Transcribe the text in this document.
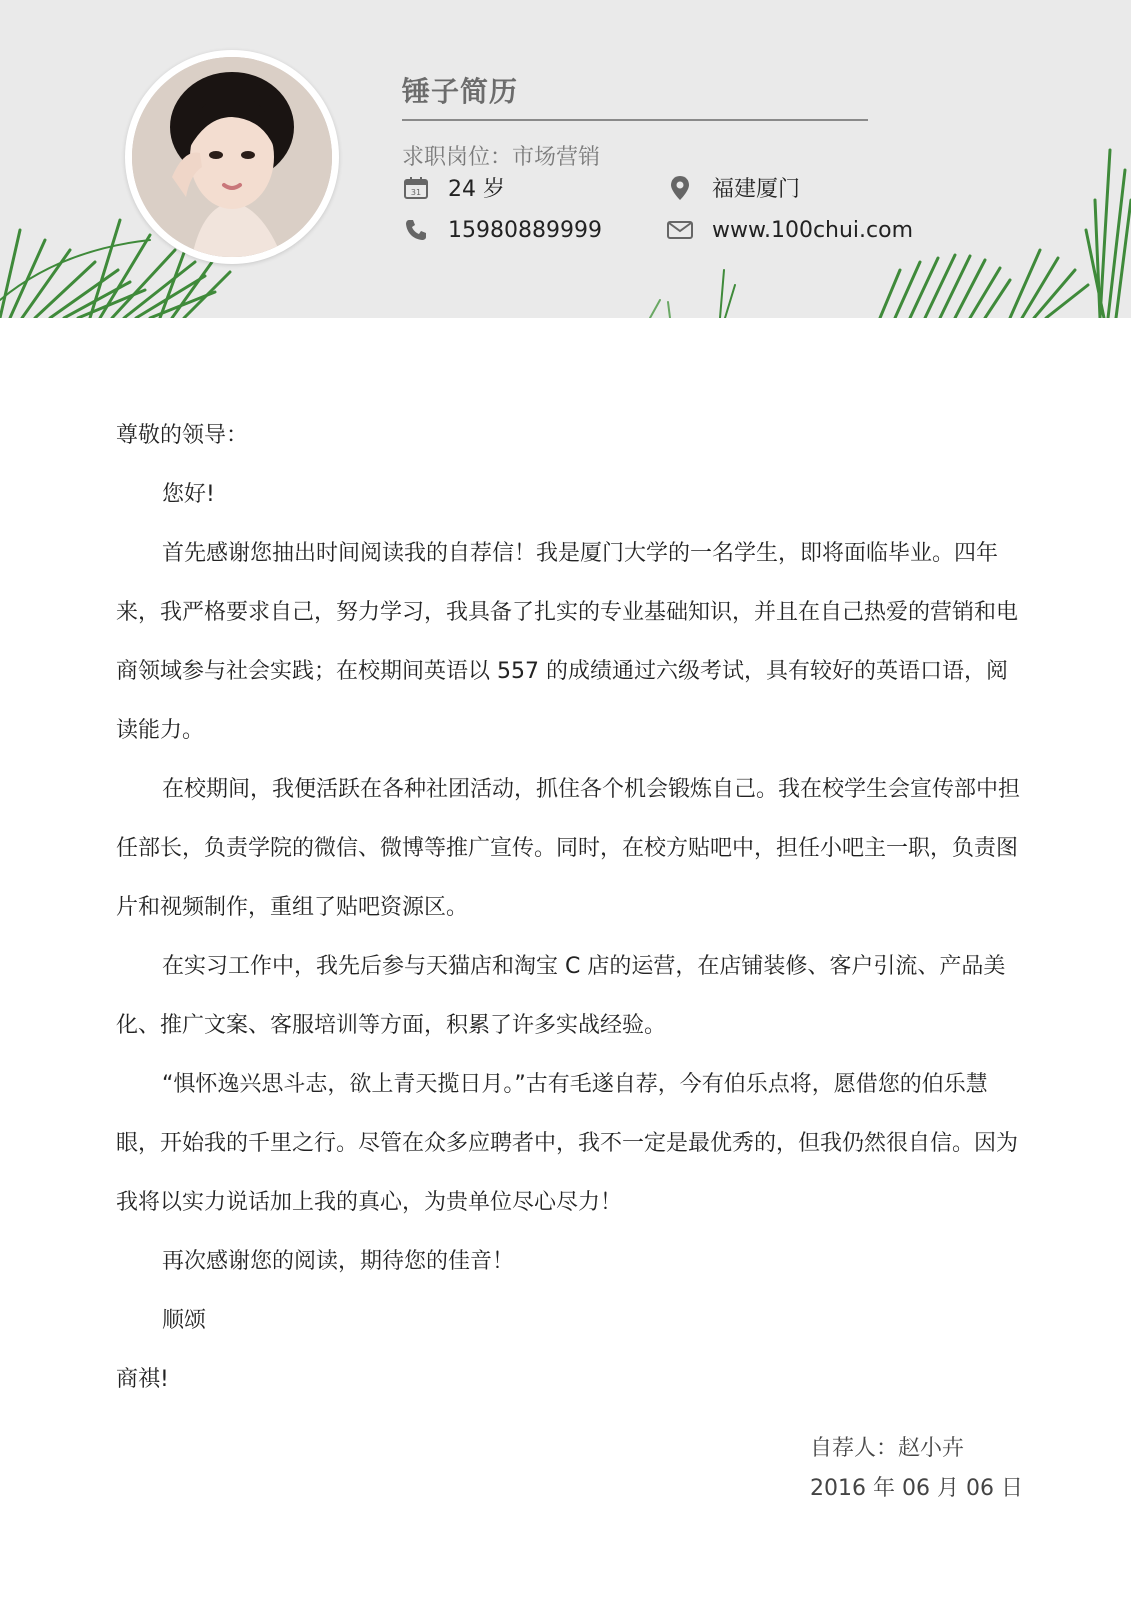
锤子简历
求职岗位：市场营销
31 24 岁	福建厦门
15980889999	www.100chui.com

尊敬的领导：

您好!

首先感谢您抽出时间阅读我的自荐信！我是厦门大学的一名学生，即将面临毕业。四年来，我严格要求自己，努力学习，我具备了扎实的专业基础知识，并且在自己热爱的营销和电商领域参与社会实践；在校期间英语以 557 的成绩通过六级考试，具有较好的英语口语，阅读能力。

在校期间，我便活跃在各种社团活动，抓住各个机会锻炼自己。我在校学生会宣传部中担任部长，负责学院的微信、微博等推广宣传。同时，在校方贴吧中，担任小吧主一职，负责图片和视频制作，重组了贴吧资源区。

在实习工作中，我先后参与天猫店和淘宝 C 店的运营，在店铺装修、客户引流、产品美化、推广文案、客服培训等方面，积累了许多实战经验。

“惧怀逸兴思斗志，欲上青天揽日月。”古有毛遂自荐，今有伯乐点将，愿借您的伯乐慧眼，开始我的千里之行。尽管在众多应聘者中，我不一定是最优秀的，但我仍然很自信。因为我将以实力说话加上我的真心，为贵单位尽心尽力！

再次感谢您的阅读，期待您的佳音！

顺颂

商祺!

自荐人：赵小卉
2016 年 06 月 06 日
